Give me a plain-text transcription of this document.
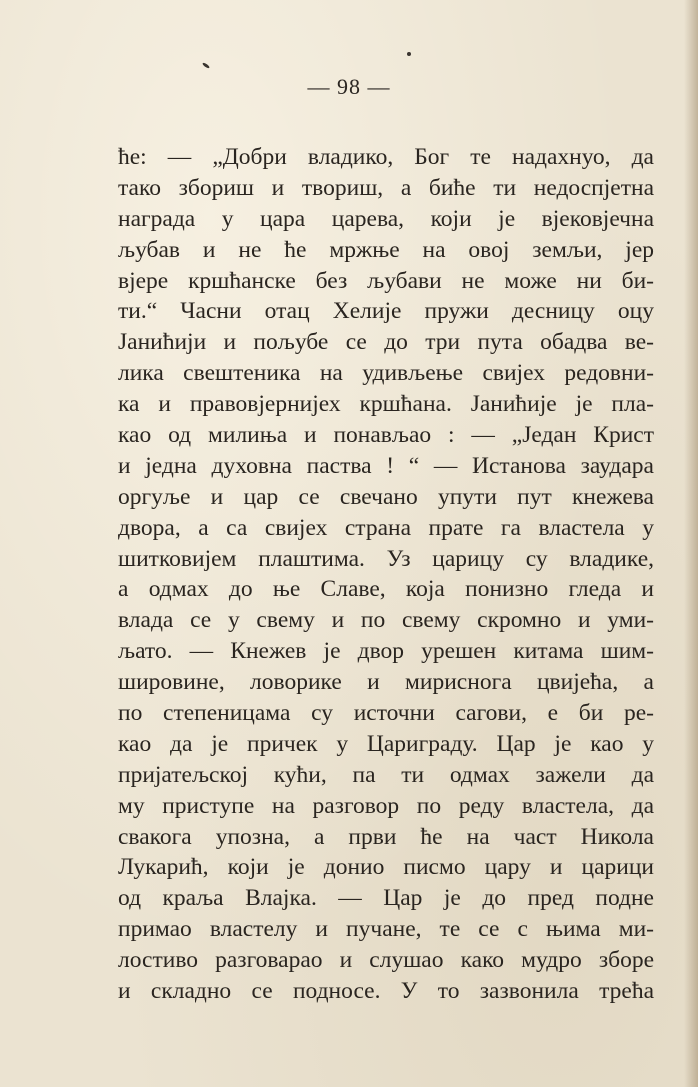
— 98 —
ће: — „Добри владико, Бог те надахнуо, да
тако збориш и твориш, а биће ти недоспјетна
награда у цара царева, који је вјековјечна
љубав и не ће мржње на овој земљи, јер
вјере кршћанске без љубави не може ни би-
ти.“ Часни отац Хелије пружи десницу оцу
Јанићији и пољубе се до три пута обадва ве-
лика свештеника на удивљење свијех редовни-
ка и правовјернијех кршћана. Јанићије је пла-
као од милиња и понављао : — „Један Крист
и једна духовна паства ! “ — Истанова заудара
оргуље и цар се свечано упути пут кнежева
двора, а са свијех страна прате га властела у
шитковијем плаштима. Уз царицу су владике,
а одмах до ње Славе, која понизно гледа и
влада се у свему и по свему скромно и уми-
љато. — Кнежев је двор урешен китама шим-
шировине, ловорике и мирисногa цвијећа, а
по степеницама су источни сагови, е би ре-
као да је причек у Цариграду. Цар је као у
пријатељској кући, па ти одмах зажели да
му приступе на разговор по реду властела, да
свакога упозна, а први ће на част Никола
Лукарић, који је донио писмо цару и царици
од краља Влајка. — Цар је до пред подне
примао властелу и пучане, те се с њима ми-
лостиво разговарао и слушао како мудро зборе
и складно се подносе. У то зазвонила трећа
